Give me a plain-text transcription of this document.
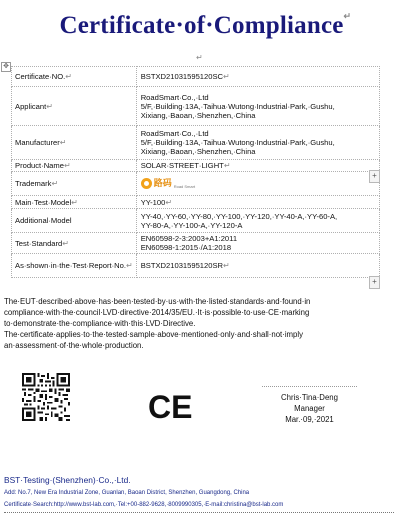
Certificate·of·Compliance ↵
↵
✥
Certificate·NO.↵	BSTXD21031595120SC↵
Applicant↵	RoadSmart·Co.,·Ltd
5/F,·Building·13A,·Taihua·Wutong·Industrial·Park,·Gushu,
Xixiang,·Baoan,·Shenzhen,·China

Manufacturer↵	RoadSmart·Co.,·Ltd
5/F,·Building·13A,·Taihua·Wutong·Industrial·Park,·Gushu,
Xixiang,·Baoan,·Shenzhen,·China

Product·Name↵	SOLAR·STREET·LIGHT↵
Trademark↵	路码 Road Smart

Main·Test·Model↵	YY-100↵
Additional·Model	YY-40,·YY-60,·YY-80,·YY-100,·YY-120,·YY-40-A,·YY-60-A,
YY-80-A,·YY-100-A,·YY-120-A

Test·Standard↵	EN60598-2-3:2003+A1:2011
EN60598-1:2015·/A1:2018

As·shown·in·the·Test·Report·No.↵	BSTXD21031595120SR↵
+
+
The·EUT·described·above·has·been·tested·by·us·with·the·listed·standards·and·found·in
compliance·with·the·council·LVD·directive·2014/35/EU.·It·is·possible·to·use·CE·marking
to·demonstrate·the·compliance·with·this·LVD·Directive.
The·certificate·applies·to·the·tested·sample·above·mentioned·only·and·shall·not·imply
an·assessment·of·the·whole·production.
CE	Chris·Tina·Deng
Manager
Mar.·09,·2021
BST·Testing·(Shenzhen)·Co.,·Ltd.
Add: No.7, New Era Industrial Zone, Guanlan, Baoan District, Shenzhen, Guangdong, China
Certificate·Search:http://www.bst-lab.com,·Tel:+00-882-9628,·8009990305,·E-mail:christina@bst-lab.com
